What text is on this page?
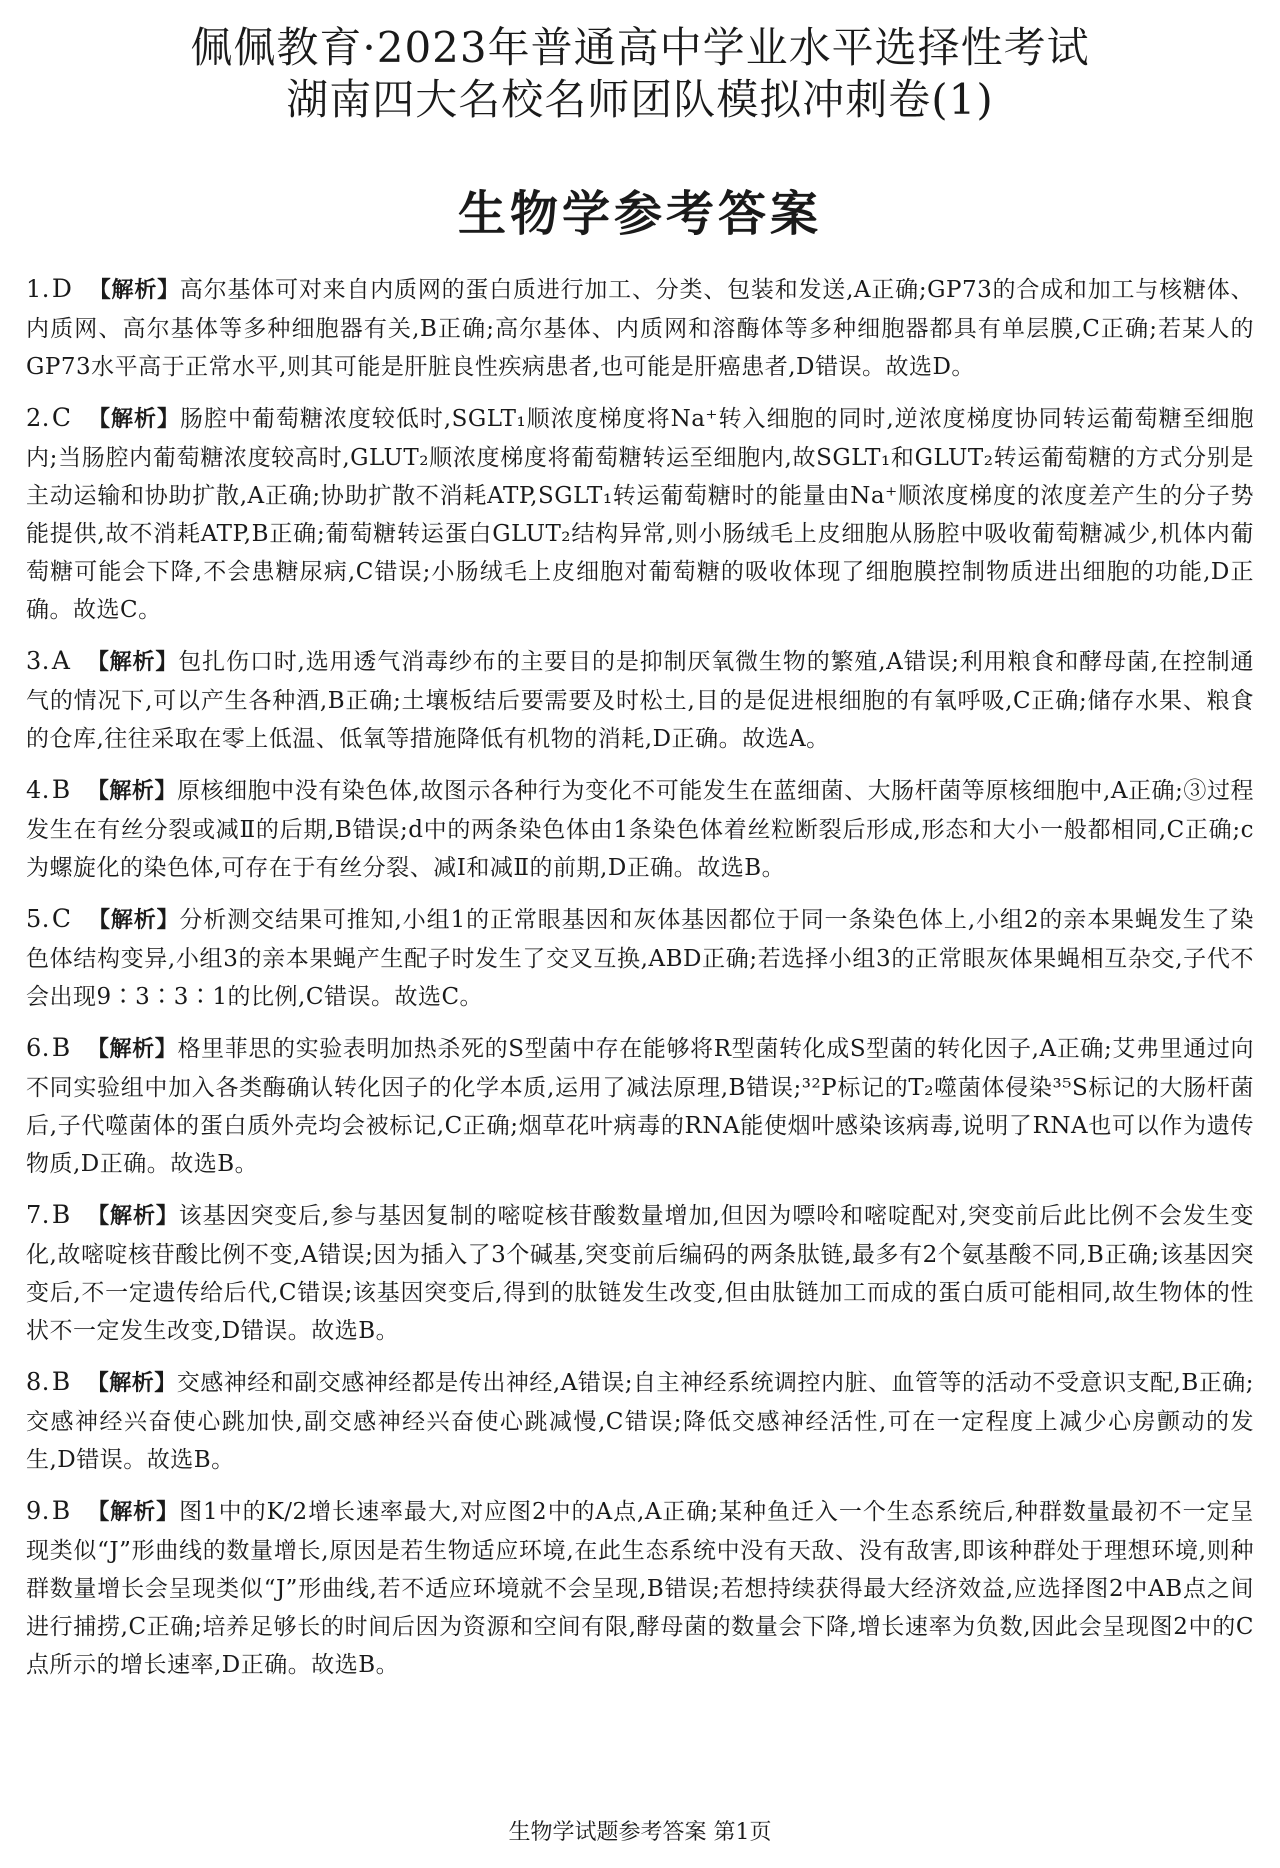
佩佩教育·2023年普通高中学业水平选择性考试

湖南四大名校名师团队模拟冲刺卷(1)

生物学参考答案

1.D 【解析】高尔基体可对来自内质网的蛋白质进行加工、分类、包装和发送,A正确;GP73的合成和加工与核糖体、内质网、高尔基体等多种细胞器有关,B正确;高尔基体、内质网和溶酶体等多种细胞器都具有单层膜,C正确;若某人的GP73水平高于正常水平,则其可能是肝脏良性疾病患者,也可能是肝癌患者,D错误。故选D。

2.C 【解析】肠腔中葡萄糖浓度较低时,SGLT₁顺浓度梯度将Na⁺转入细胞的同时,逆浓度梯度协同转运葡萄糖至细胞内;当肠腔内葡萄糖浓度较高时,GLUT₂顺浓度梯度将葡萄糖转运至细胞内,故SGLT₁和GLUT₂转运葡萄糖的方式分别是主动运输和协助扩散,A正确;协助扩散不消耗ATP,SGLT₁转运葡萄糖时的能量由Na⁺顺浓度梯度的浓度差产生的分子势能提供,故不消耗ATP,B正确;葡萄糖转运蛋白GLUT₂结构异常,则小肠绒毛上皮细胞从肠腔中吸收葡萄糖减少,机体内葡萄糖可能会下降,不会患糖尿病,C错误;小肠绒毛上皮细胞对葡萄糖的吸收体现了细胞膜控制物质进出细胞的功能,D正确。故选C。

3.A 【解析】包扎伤口时,选用透气消毒纱布的主要目的是抑制厌氧微生物的繁殖,A错误;利用粮食和酵母菌,在控制通气的情况下,可以产生各种酒,B正确;土壤板结后要需要及时松土,目的是促进根细胞的有氧呼吸,C正确;储存水果、粮食的仓库,往往采取在零上低温、低氧等措施降低有机物的消耗,D正确。故选A。

4.B 【解析】原核细胞中没有染色体,故图示各种行为变化不可能发生在蓝细菌、大肠杆菌等原核细胞中,A正确;③过程发生在有丝分裂或减Ⅱ的后期,B错误;d中的两条染色体由1条染色体着丝粒断裂后形成,形态和大小一般都相同,C正确;c为螺旋化的染色体,可存在于有丝分裂、减Ⅰ和减Ⅱ的前期,D正确。故选B。

5.C 【解析】分析测交结果可推知,小组1的正常眼基因和灰体基因都位于同一条染色体上,小组2的亲本果蝇发生了染色体结构变异,小组3的亲本果蝇产生配子时发生了交叉互换,ABD正确;若选择小组3的正常眼灰体果蝇相互杂交,子代不会出现9∶3∶3∶1的比例,C错误。故选C。

6.B 【解析】格里菲思的实验表明加热杀死的S型菌中存在能够将R型菌转化成S型菌的转化因子,A正确;艾弗里通过向不同实验组中加入各类酶确认转化因子的化学本质,运用了减法原理,B错误;³²P标记的T₂噬菌体侵染³⁵S标记的大肠杆菌后,子代噬菌体的蛋白质外壳均会被标记,C正确;烟草花叶病毒的RNA能使烟叶感染该病毒,说明了RNA也可以作为遗传物质,D正确。故选B。

7.B 【解析】该基因突变后,参与基因复制的嘧啶核苷酸数量增加,但因为嘌呤和嘧啶配对,突变前后此比例不会发生变化,故嘧啶核苷酸比例不变,A错误;因为插入了3个碱基,突变前后编码的两条肽链,最多有2个氨基酸不同,B正确;该基因突变后,不一定遗传给后代,C错误;该基因突变后,得到的肽链发生改变,但由肽链加工而成的蛋白质可能相同,故生物体的性状不一定发生改变,D错误。故选B。

8.B 【解析】交感神经和副交感神经都是传出神经,A错误;自主神经系统调控内脏、血管等的活动不受意识支配,B正确;交感神经兴奋使心跳加快,副交感神经兴奋使心跳减慢,C错误;降低交感神经活性,可在一定程度上减少心房颤动的发生,D错误。故选B。

9.B 【解析】图1中的K/2增长速率最大,对应图2中的A点,A正确;某种鱼迁入一个生态系统后,种群数量最初不一定呈现类似“J”形曲线的数量增长,原因是若生物适应环境,在此生态系统中没有天敌、没有敌害,即该种群处于理想环境,则种群数量增长会呈现类似“J”形曲线,若不适应环境就不会呈现,B错误;若想持续获得最大经济效益,应选择图2中AB点之间进行捕捞,C正确;培养足够长的时间后因为资源和空间有限,酵母菌的数量会下降,增长速率为负数,因此会呈现图2中的C点所示的增长速率,D正确。故选B。

生物学试题参考答案 第1页
